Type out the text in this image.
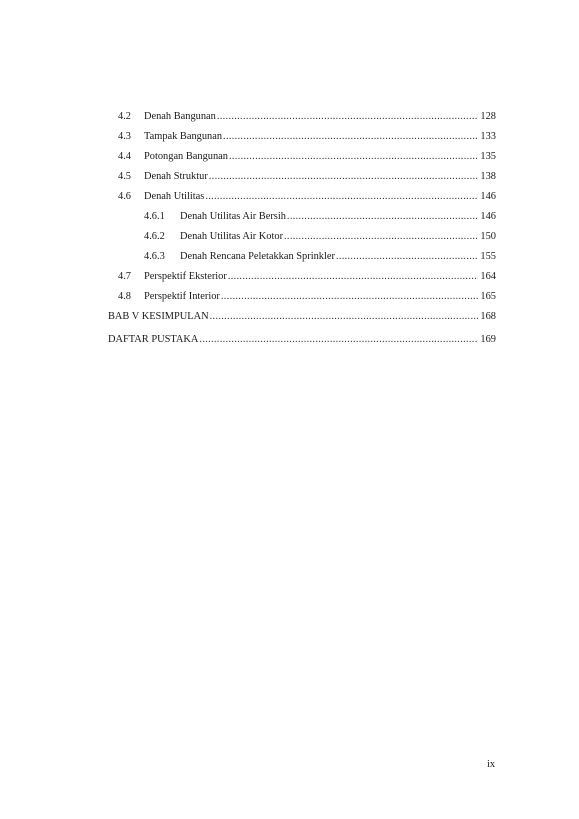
4.2	Denah Bangunan .....	128
4.3	Tampak Bangunan .....	133
4.4	Potongan Bangunan .....	135
4.5	Denah Struktur .....	138
4.6	Denah Utilitas .....	146
4.6.1	Denah Utilitas Air Bersih .....	146
4.6.2	Denah Utilitas Air Kotor .....	150
4.6.3	Denah Rencana Peletakkan Sprinkler .....	155
4.7	Perspektif Eksterior .....	164
4.8	Perspektif Interior .....	165
BAB V KESIMPULAN .....	168
DAFTAR PUSTAKA .....	169
ix
